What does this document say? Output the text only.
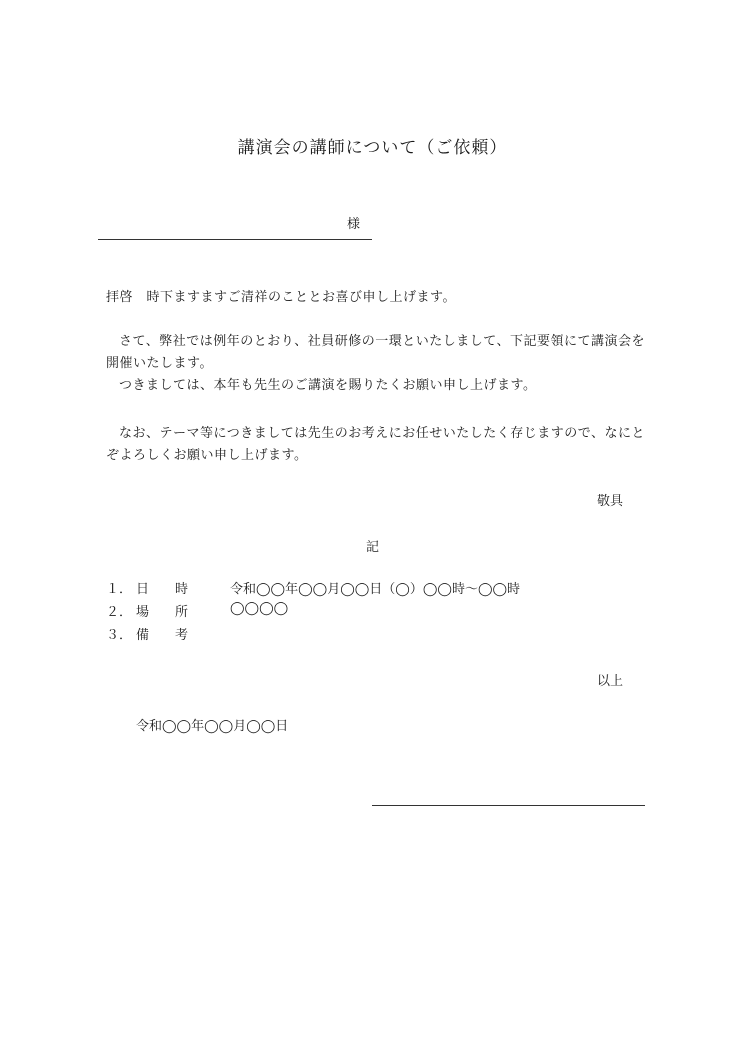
講演会の講師について（ご依頼）
様
拝啓　時下ますますご清祥のこととお喜び申し上げます。
さて、弊社では例年のとおり、社員研修の一環といたしまして、下記要領にて講演会を開催いたします。
つきましては、本年も先生のご講演を賜りたくお願い申し上げます。
なお、テーマ等につきましては先生のお考えにお任せいたしたく存じますので、なにとぞよろしくお願い申し上げます。
敬具
記
１． 日時 令和◯◯年◯◯月◯◯日（◯）◯◯時～◯◯時
２． 場所 ◯◯◯◯
３． 備考
以上
令和◯◯年◯◯月◯◯日
